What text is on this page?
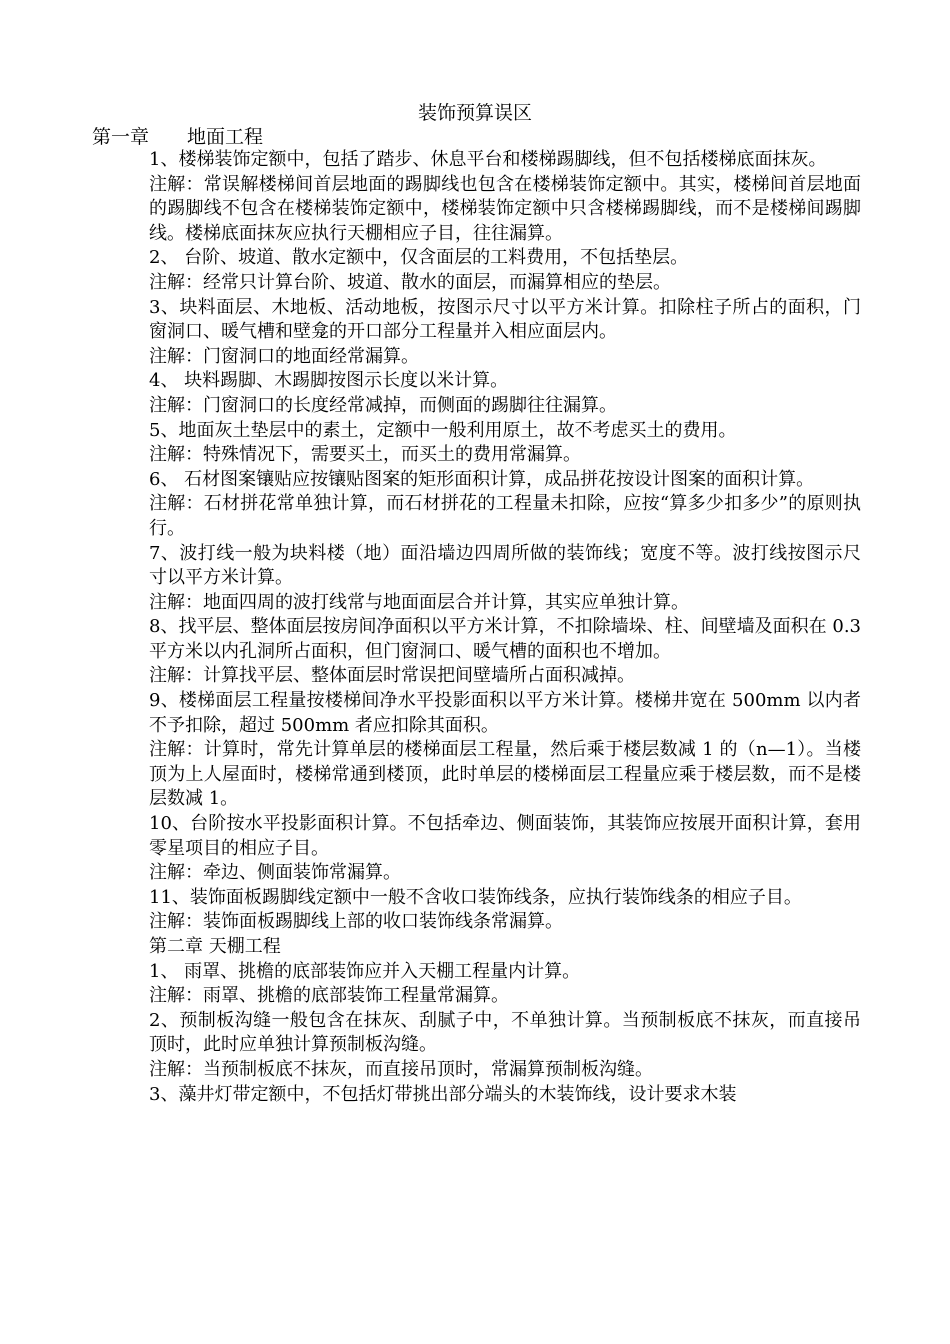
装饰预算误区
第一章　　地面工程

1、楼梯装饰定额中，包括了踏步、休息平台和楼梯踢脚线，但不包括楼梯底面抹灰。

注解：常误解楼梯间首层地面的踢脚线也包含在楼梯装饰定额中。其实，楼梯间首层地面的踢脚线不包含在楼梯装饰定额中，楼梯装饰定额中只含楼梯踢脚线，而不是楼梯间踢脚线。楼梯底面抹灰应执行天棚相应子目，往往漏算。

2、 台阶、坡道、散水定额中，仅含面层的工料费用，不包括垫层。

注解：经常只计算台阶、坡道、散水的面层，而漏算相应的垫层。

3、块料面层、木地板、活动地板，按图示尺寸以平方米计算。扣除柱子所占的面积，门窗洞口、暖气槽和壁龛的开口部分工程量并入相应面层内。

注解：门窗洞口的地面经常漏算。

4、 块料踢脚、木踢脚按图示长度以米计算。

注解：门窗洞口的长度经常减掉，而侧面的踢脚往往漏算。

5、地面灰土垫层中的素土，定额中一般利用原土，故不考虑买土的费用。

注解：特殊情况下，需要买土，而买土的费用常漏算。

6、 石材图案镶贴应按镶贴图案的矩形面积计算，成品拼花按设计图案的面积计算。

注解：石材拼花常单独计算，而石材拼花的工程量未扣除，应按“算多少扣多少”的原则执行。

7、波打线一般为块料楼（地）面沿墙边四周所做的装饰线；宽度不等。波打线按图示尺寸以平方米计算。

注解：地面四周的波打线常与地面面层合并计算，其实应单独计算。

8、找平层、整体面层按房间净面积以平方米计算，不扣除墙垛、柱、间壁墙及面积在 0.3 平方米以内孔洞所占面积，但门窗洞口、暖气槽的面积也不增加。

注解：计算找平层、整体面层时常误把间壁墙所占面积减掉。

9、楼梯面层工程量按楼梯间净水平投影面积以平方米计算。楼梯井宽在 500mm 以内者不予扣除，超过 500mm 者应扣除其面积。

注解：计算时，常先计算单层的楼梯面层工程量，然后乘于楼层数减 1 的（n—1）。当楼顶为上人屋面时，楼梯常通到楼顶，此时单层的楼梯面层工程量应乘于楼层数，而不是楼层数减 1。

10、台阶按水平投影面积计算。不包括牵边、侧面装饰，其装饰应按展开面积计算，套用零星项目的相应子目。

注解：牵边、侧面装饰常漏算。

11、装饰面板踢脚线定额中一般不含收口装饰线条，应执行装饰线条的相应子目。

注解：装饰面板踢脚线上部的收口装饰线条常漏算。

第二章 天棚工程

1、 雨罩、挑檐的底部装饰应并入天棚工程量内计算。

注解：雨罩、挑檐的底部装饰工程量常漏算。

2、预制板沟缝一般包含在抹灰、刮腻子中，不单独计算。当预制板底不抹灰，而直接吊顶时，此时应单独计算预制板沟缝。

注解：当预制板底不抹灰，而直接吊顶时，常漏算预制板沟缝。

3、藻井灯带定额中，不包括灯带挑出部分端头的木装饰线，设计要求木装
